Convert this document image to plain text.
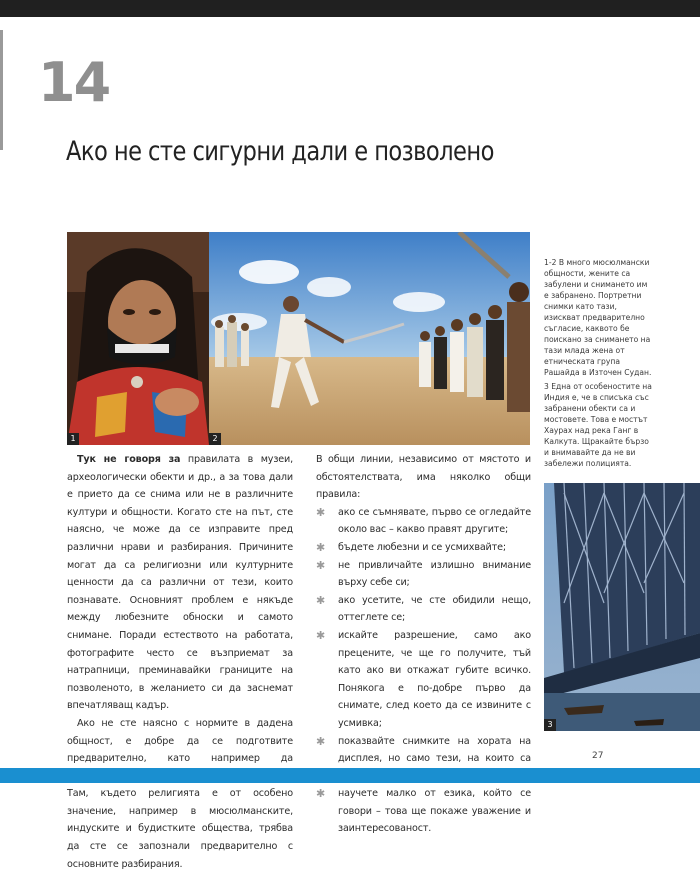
14
Ако не сте сигурни дали е позволено
1	2
3
1-2 В много мюсюлмански общности, жените са забулени и снимането им е забранено. Портретни снимки като тази, изискват предварително съгласие, каквото бе поискано за снимането на тази млада жена от етническата група Рашайда в Източен Судан.
3 Една от особеностите на Индия е, че в списъка със забранени обекти са и мостовете. Това е мостът Хаурах над река Ганг в Калкута. Щракайте бързо и внимавайте да не ви забележи полицията.

Тук не говоря за правилата в музеи, археологически обекти и др., а за това дали е прието да се снима или не в различните култури и общности. Когато сте на път, сте наясно, че може да се изправите пред различни нрави и разбирания. Причините могат да са религиозни или културните ценности да са различни от тези, които познавате. Основният проблем е някъде между любезните обноски и самото снимане. Поради естеството на работата, фотографите често се възприемат за натрапници, преминавайки границите на позволеното, в желанието си да заснемат впечатляващ кадър.

Ако не сте наясно с нормите в дадена общност, е добре да се подготвите предварително, като например да Там, където религията е от особено значение, например в мюсюлманските, индуските и будистките общества, трябва да сте се запознали предварително с основните разбирания.

В общи линии, независимо от мястото и обстоятелствата, има няколко общи правила:

✱ ако се съмнявате, първо се огледайте около вас – какво правят другите;
✱ бъдете любезни и се усмихвайте;
✱ не привличайте излишно внимание върху себе си;
✱ ако усетите, че сте обидили нещо, оттеглете се;
✱ искайте разрешение, само ако прецените, че ще го получите, тъй като ако ви откажат губите всичко. Понякога е по-добре първо да снимате, след което да се извините с усмивка;
✱ показвайте снимките на хората на дисплея, но само тези, на които са
✱ научете малко от езика, който се говори – това ще покаже уважение и заинтересованост.
27
